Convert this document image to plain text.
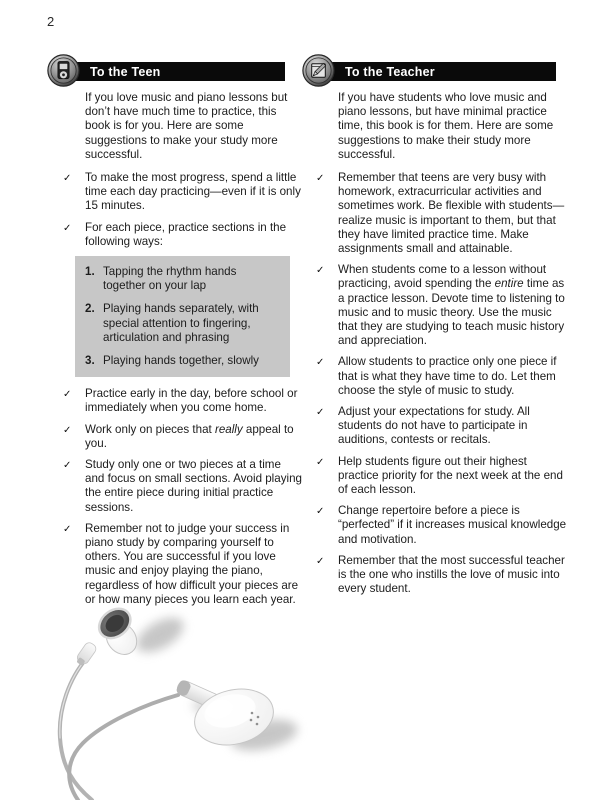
2
To the Teen	To the Teacher

If you love music and piano lessons but don’t have much time to practice, this book is for you. Here are some suggestions to make your study more successful.

✓	To make the most progress, spend a little time each day practicing—even if it is only 15 minutes.
✓	For each piece, practice sections in the following ways:
1. Tapping the rhythm hands together on your lap
2. Playing hands separately, with special attention to fingering, articulation and phrasing
3. Playing hands together, slowly
✓	Practice early in the day, before school or immediately when you come home.
✓	Work only on pieces that really appeal to you.
✓	Study only one or two pieces at a time and focus on small sections. Avoid playing the entire piece during initial practice sessions.
✓	Remember not to judge your success in piano study by comparing yourself to others. You are successful if you love music and enjoy playing the piano, regardless of how difficult your pieces are or how many pieces you learn each year.

If you have students who love music and piano lessons, but have minimal practice time, this book is for them. Here are some suggestions to make their study more successful.

✓	Remember that teens are very busy with homework, extracurricular activities and sometimes work. Be flexible with students—realize music is important to them, but that they have limited practice time. Make assignments small and attainable.
✓	When students come to a lesson without practicing, avoid spending the entire time as a practice lesson. Devote time to listening to music and to music theory. Use the music that they are studying to teach music history and appreciation.
✓	Allow students to practice only one piece if that is what they have time to do. Let them choose the style of music to study.
✓	Adjust your expectations for study. All students do not have to participate in auditions, contests or recitals.
✓	Help students figure out their highest practice priority for the next week at the end of each lesson.
✓	Change repertoire before a piece is “perfected” if it increases musical knowledge and motivation.
✓	Remember that the most successful teacher is the one who instills the love of music into every student.
